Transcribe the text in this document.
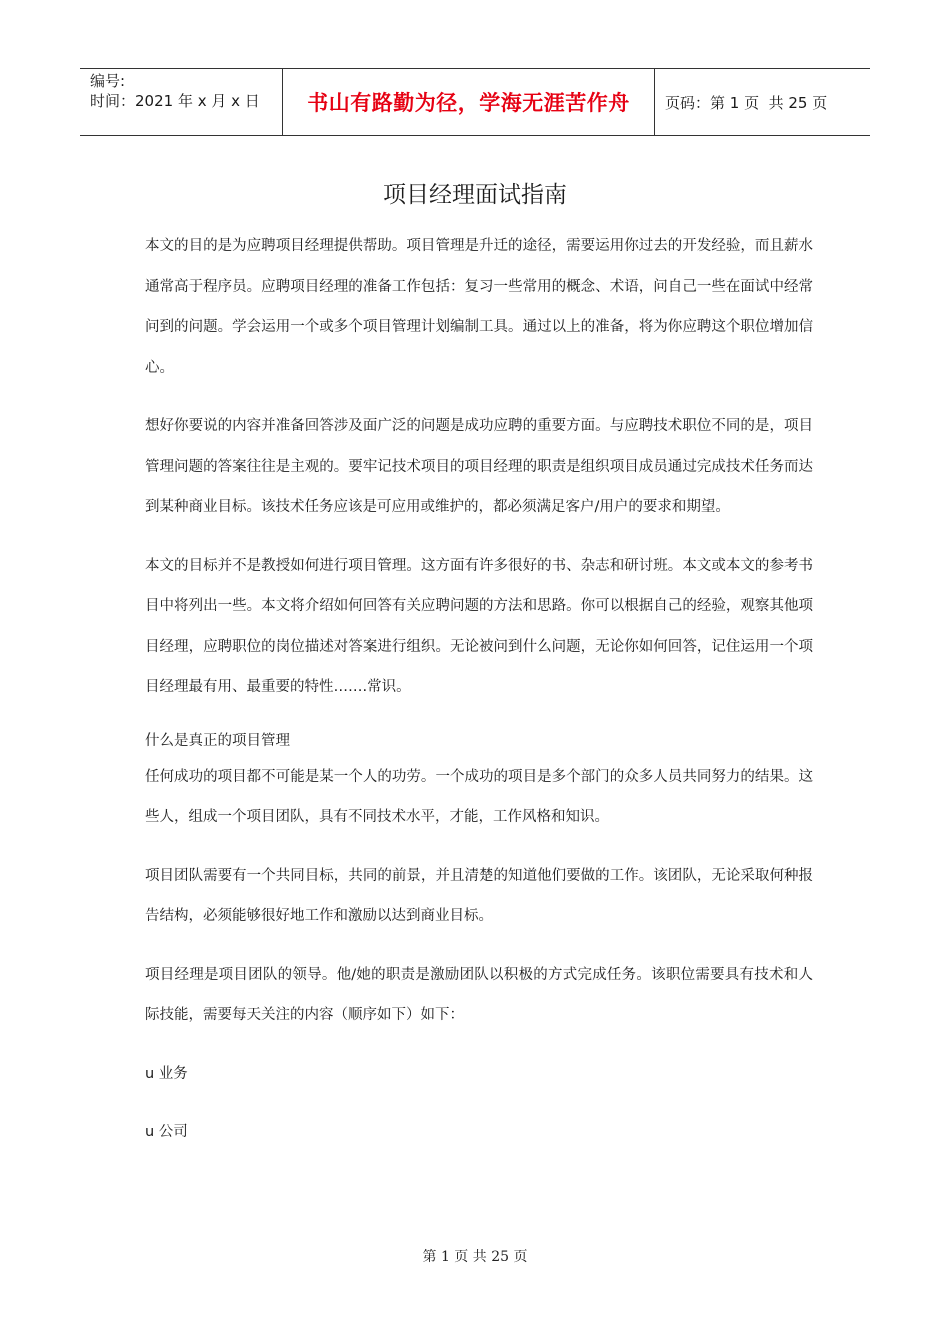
编号:
时间：2021 年 x 月 x 日	书山有路勤为径，学海无涯苦作舟 页码：第 1 页  共 25 页
项目经理面试指南

本文的目的是为应聘项目经理提供帮助。项目管理是升迁的途径，需要运用你过去的开发经验，而且薪水通常高于程序员。应聘项目经理的准备工作包括：复习一些常用的概念、术语，问自己一些在面试中经常问到的问题。学会运用一个或多个项目管理计划编制工具。通过以上的准备，将为你应聘这个职位增加信心。

想好你要说的内容并准备回答涉及面广泛的问题是成功应聘的重要方面。与应聘技术职位不同的是，项目管理问题的答案往往是主观的。要牢记技术项目的项目经理的职责是组织项目成员通过完成技术任务而达到某种商业目标。该技术任务应该是可应用或维护的，都必须满足客户/用户的要求和期望。

本文的目标并不是教授如何进行项目管理。这方面有许多很好的书、杂志和研讨班。本文或本文的参考书目中将列出一些。本文将介绍如何回答有关应聘问题的方法和思路。你可以根据自己的经验，观察其他项目经理，应聘职位的岗位描述对答案进行组织。无论被问到什么问题，无论你如何回答，记住运用一个项目经理最有用、最重要的特性…….常识。

什么是真正的项目管理

任何成功的项目都不可能是某一个人的功劳。一个成功的项目是多个部门的众多人员共同努力的结果。这些人，组成一个项目团队，具有不同技术水平，才能，工作风格和知识。

项目团队需要有一个共同目标，共同的前景，并且清楚的知道他们要做的工作。该团队，无论采取何种报告结构，必须能够很好地工作和激励以达到商业目标。

项目经理是项目团队的领导。他/她的职责是激励团队以积极的方式完成任务。该职位需要具有技术和人际技能，需要每天关注的内容（顺序如下）如下：

u 业务

u 公司

第 1 页 共 25 页
